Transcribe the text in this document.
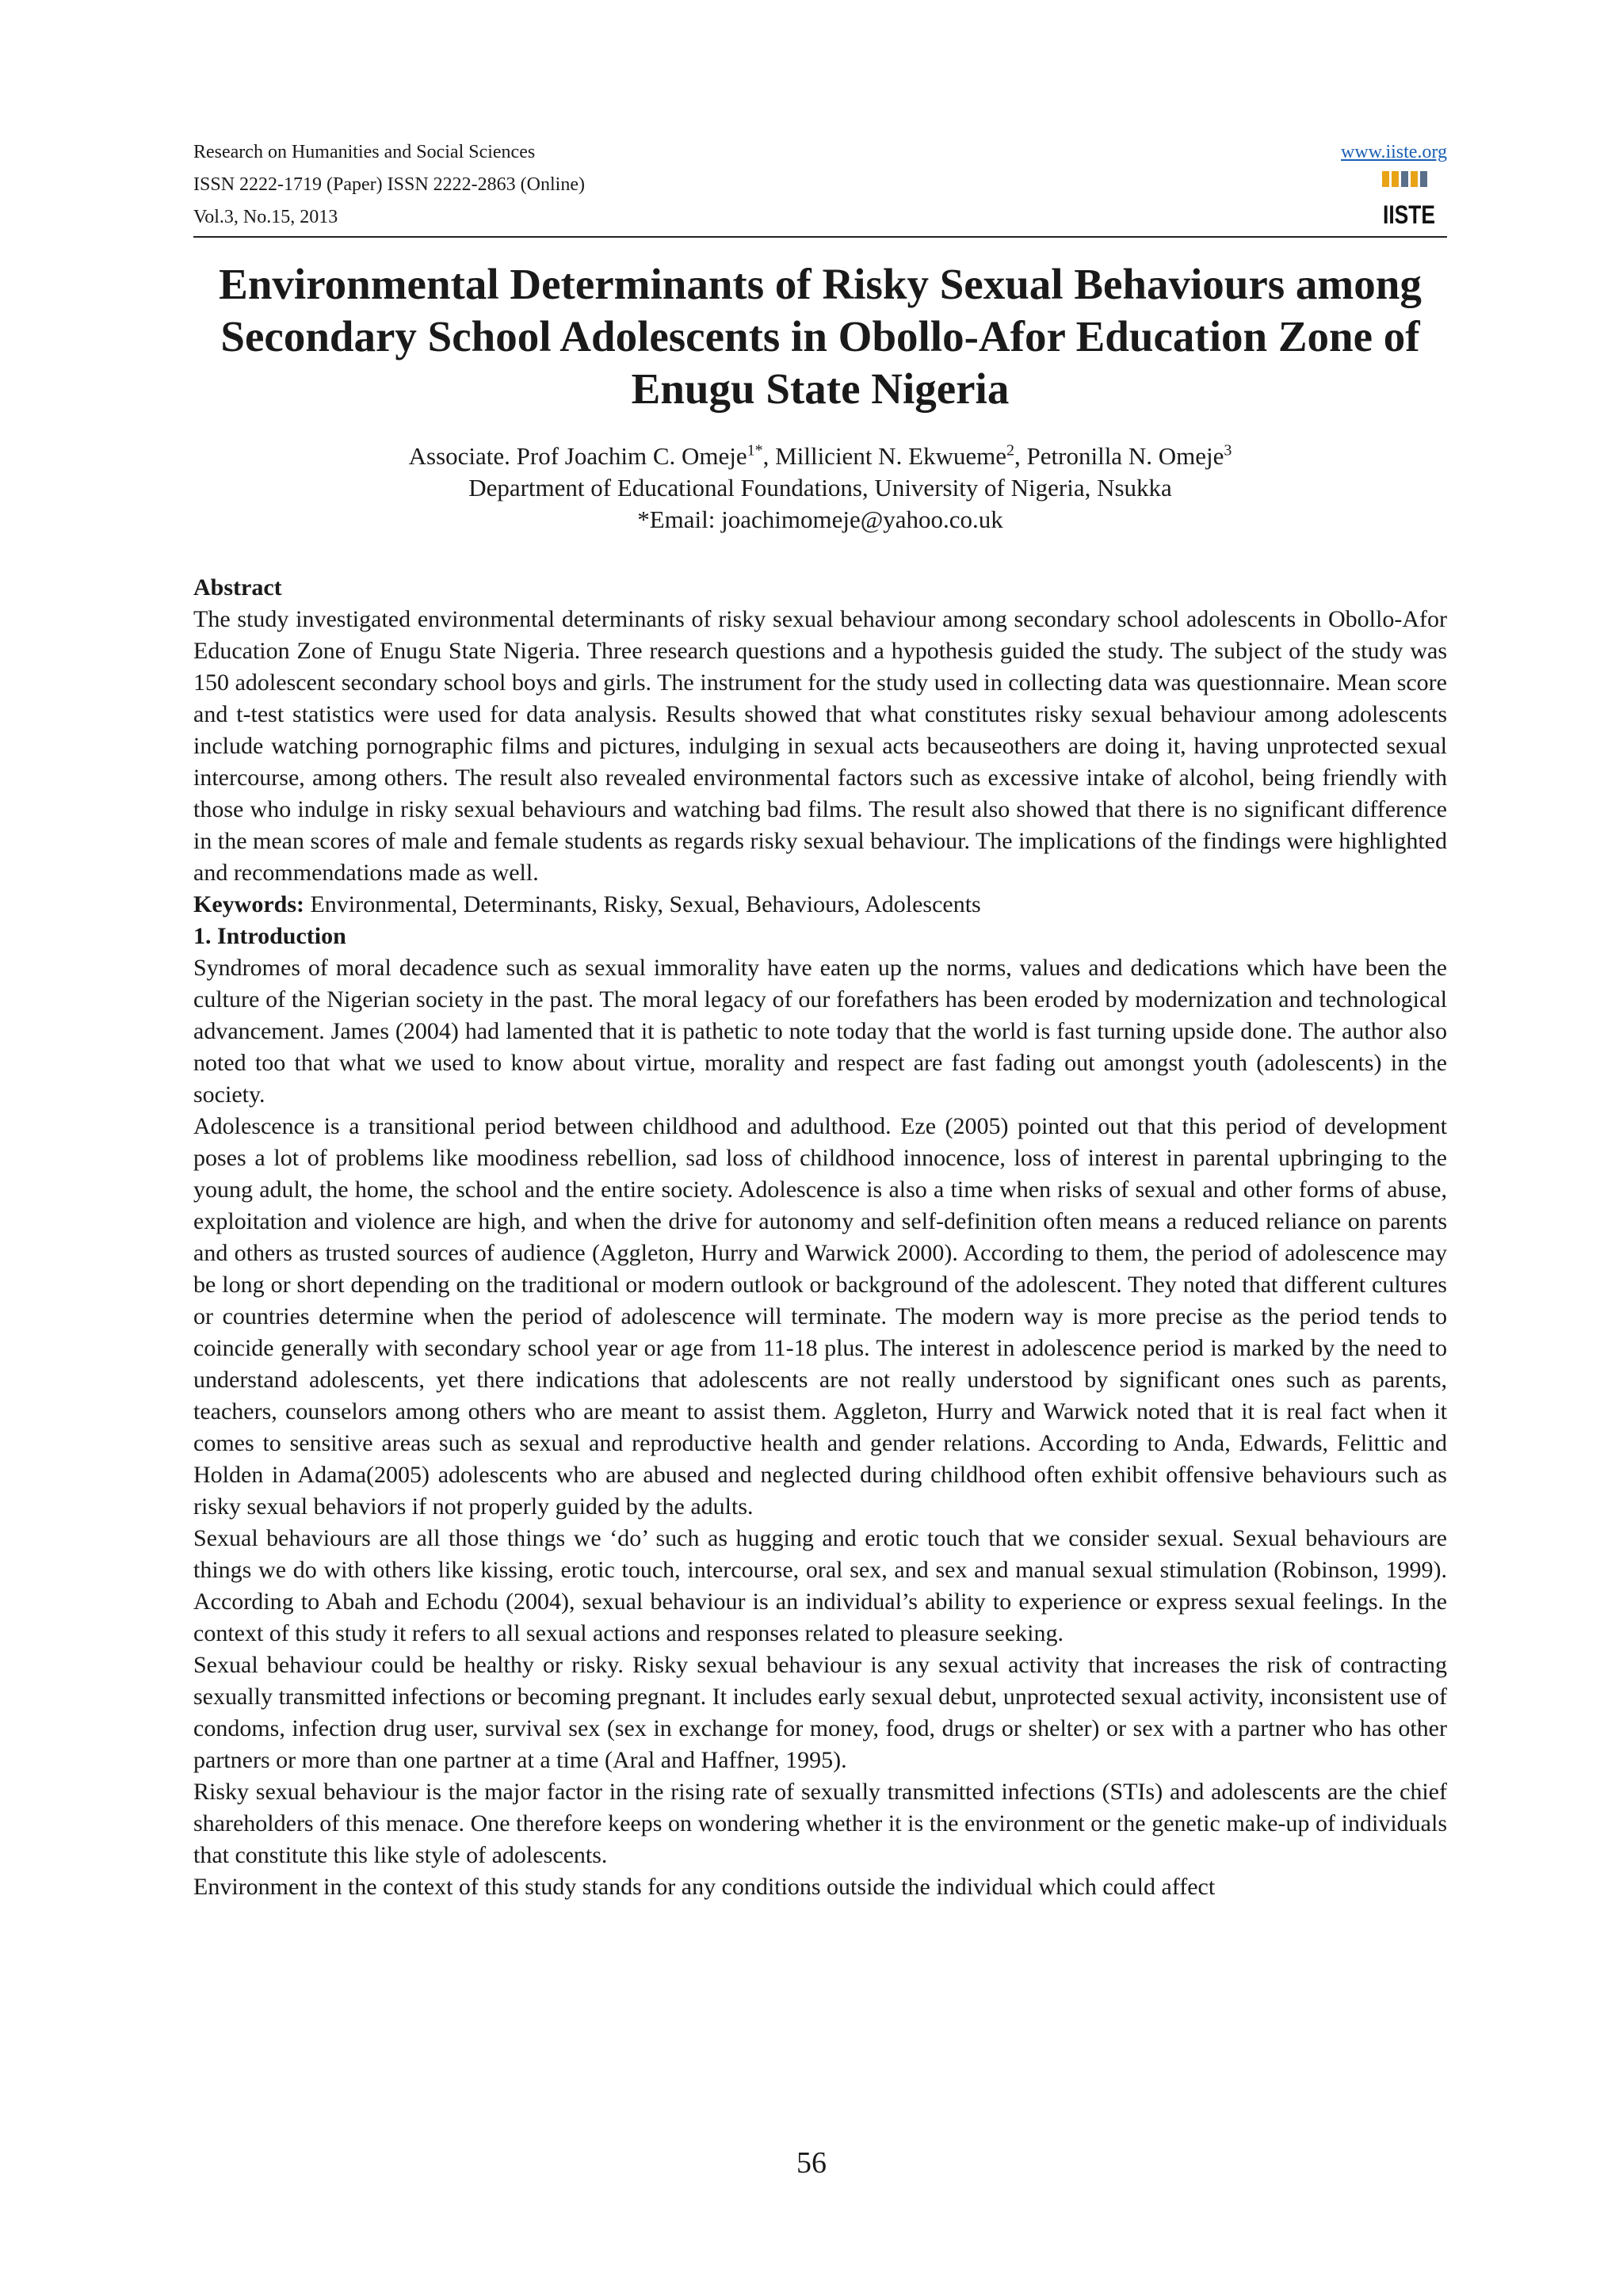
Research on Humanities and Social Sciences
ISSN 2222-1719 (Paper) ISSN 2222-2863 (Online)
Vol.3, No.15, 2013
www.iiste.org
IISTE
Environmental Determinants of Risky Sexual Behaviours among Secondary School Adolescents in Obollo-Afor Education Zone of Enugu State Nigeria
Associate. Prof Joachim C. Omeje$^{1*}$, Millicient N. Ekwueme$^2$, Petronilla N. Omeje$^3$
Department of Educational Foundations, University of Nigeria, Nsukka
*Email: joachimomeje@yahoo.co.uk

Abstract

The study investigated environmental determinants of risky sexual behaviour among secondary school adolescents in Obollo-Afor Education Zone of Enugu State Nigeria. Three research questions and a hypothesis guided the study. The subject of the study was 150 adolescent secondary school boys and girls. The instrument for the study used in collecting data was questionnaire. Mean score and t-test statistics were used for data analysis. Results showed that what constitutes risky sexual behaviour among adolescents include watching pornographic films and pictures, indulging in sexual acts becauseothers are doing it, having unprotected sexual intercourse, among others. The result also revealed environmental factors such as excessive intake of alcohol, being friendly with those who indulge in risky sexual behaviours and watching bad films. The result also showed that there is no significant difference in the mean scores of male and female students as regards risky sexual behaviour. The implications of the findings were highlighted and recommendations made as well.

Keywords: Environmental, Determinants, Risky, Sexual, Behaviours, Adolescents

1. Introduction

Syndromes of moral decadence such as sexual immorality have eaten up the norms, values and dedications which have been the culture of the Nigerian society in the past. The moral legacy of our forefathers has been eroded by modernization and technological advancement. James (2004) had lamented that it is pathetic to note today that the world is fast turning upside done. The author also noted too that what we used to know about virtue, morality and respect are fast fading out amongst youth (adolescents) in the society.

Adolescence is a transitional period between childhood and adulthood. Eze (2005) pointed out that this period of development poses a lot of problems like moodiness rebellion, sad loss of childhood innocence, loss of interest in parental upbringing to the young adult, the home, the school and the entire society. Adolescence is also a time when risks of sexual and other forms of abuse, exploitation and violence are high, and when the drive for autonomy and self-definition often means a reduced reliance on parents and others as trusted sources of audience (Aggleton, Hurry and Warwick 2000). According to them, the period of adolescence may be long or short depending on the traditional or modern outlook or background of the adolescent. They noted that different cultures or countries determine when the period of adolescence will terminate. The modern way is more precise as the period tends to coincide generally with secondary school year or age from 11-18 plus. The interest in adolescence period is marked by the need to understand adolescents, yet there indications that adolescents are not really understood by significant ones such as parents, teachers, counselors among others who are meant to assist them. Aggleton, Hurry and Warwick noted that it is real fact when it comes to sensitive areas such as sexual and reproductive health and gender relations. According to Anda, Edwards, Felittic and Holden in Adama(2005) adolescents who are abused and neglected during childhood often exhibit offensive behaviours such as risky sexual behaviors if not properly guided by the adults.

Sexual behaviours are all those things we ‘do’ such as hugging and erotic touch that we consider sexual. Sexual behaviours are things we do with others like kissing, erotic touch, intercourse, oral sex, and sex and manual sexual stimulation (Robinson, 1999). According to Abah and Echodu (2004), sexual behaviour is an individual’s ability to experience or express sexual feelings. In the context of this study it refers to all sexual actions and responses related to pleasure seeking.

Sexual behaviour could be healthy or risky. Risky sexual behaviour is any sexual activity that increases the risk of contracting sexually transmitted infections or becoming pregnant. It includes early sexual debut, unprotected sexual activity, inconsistent use of condoms, infection drug user, survival sex (sex in exchange for money, food, drugs or shelter) or sex with a partner who has other partners or more than one partner at a time (Aral and Haffner, 1995).

Risky sexual behaviour is the major factor in the rising rate of sexually transmitted infections (STIs) and adolescents are the chief shareholders of this menace. One therefore keeps on wondering whether it is the environment or the genetic make-up of individuals that constitute this like style of adolescents.

Environment in the context of this study stands for any conditions outside the individual which could affect

56
